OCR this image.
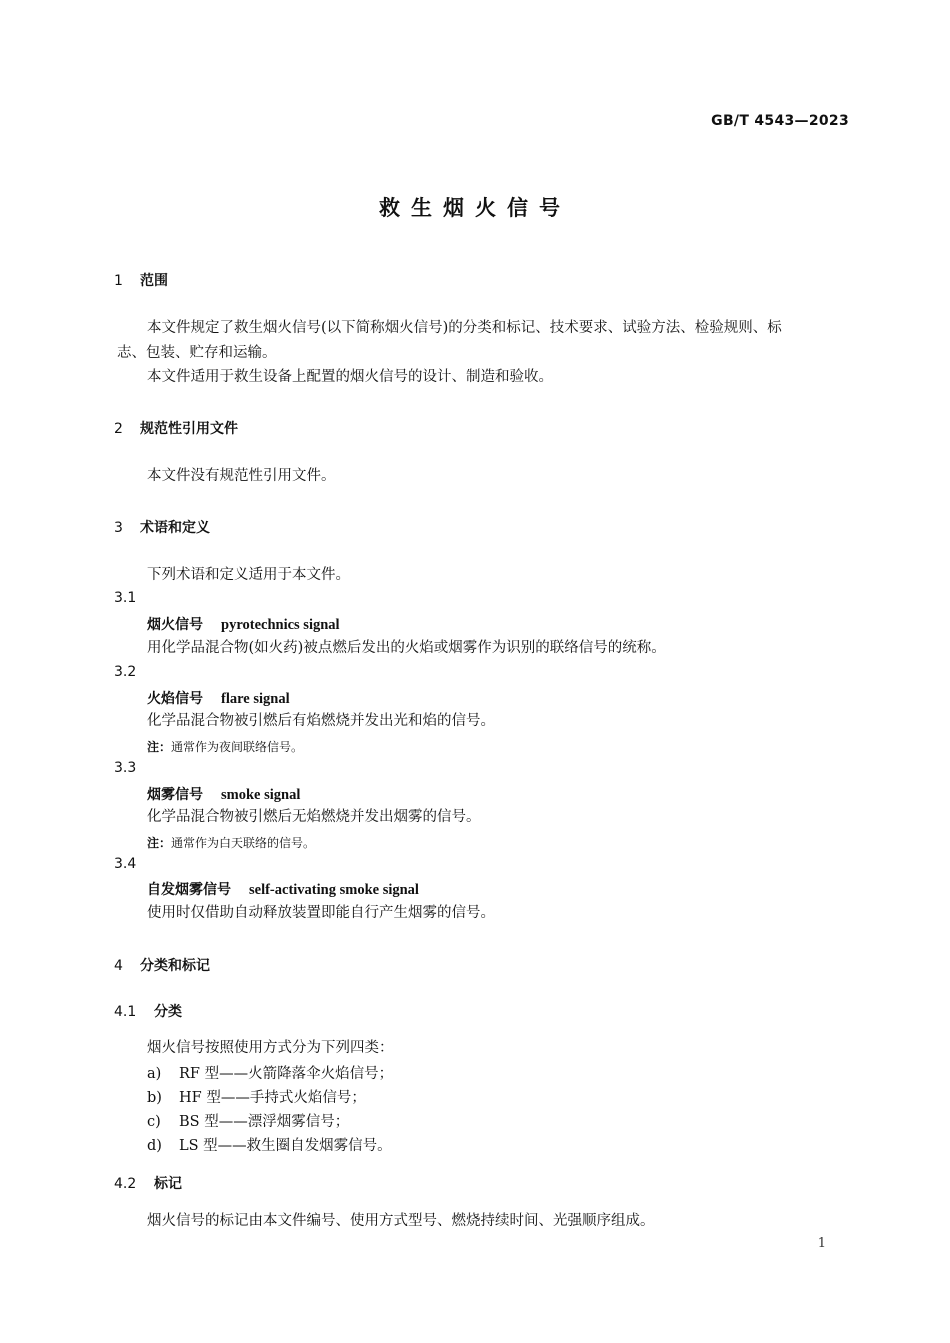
GB/T 4543—2023
救生烟火信号
1 范围
本文件规定了救生烟火信号(以下简称烟火信号)的分类和标记、技术要求、试验方法、检验规则、标
志、包装、贮存和运输。
本文件适用于救生设备上配置的烟火信号的设计、制造和验收。
2 规范性引用文件
本文件没有规范性引用文件。
3 术语和定义
下列术语和定义适用于本文件。
3.1
烟火信号 pyrotechnics signal
用化学品混合物(如火药)被点燃后发出的火焰或烟雾作为识别的联络信号的统称。
3.2
火焰信号 flare signal
化学品混合物被引燃后有焰燃烧并发出光和焰的信号。
注：通常作为夜间联络信号。
3.3
烟雾信号 smoke signal
化学品混合物被引燃后无焰燃烧并发出烟雾的信号。
注：通常作为白天联络的信号。
3.4
自发烟雾信号 self-activating smoke signal
使用时仅借助自动释放装置即能自行产生烟雾的信号。
4 分类和标记
4.1 分类
烟火信号按照使用方式分为下列四类：
a) RF 型——火箭降落伞火焰信号；
b) HF 型——手持式火焰信号；
c) BS 型——漂浮烟雾信号；
d) LS 型——救生圈自发烟雾信号。
4.2 标记
烟火信号的标记由本文件编号、使用方式型号、燃烧持续时间、光强顺序组成。
1
